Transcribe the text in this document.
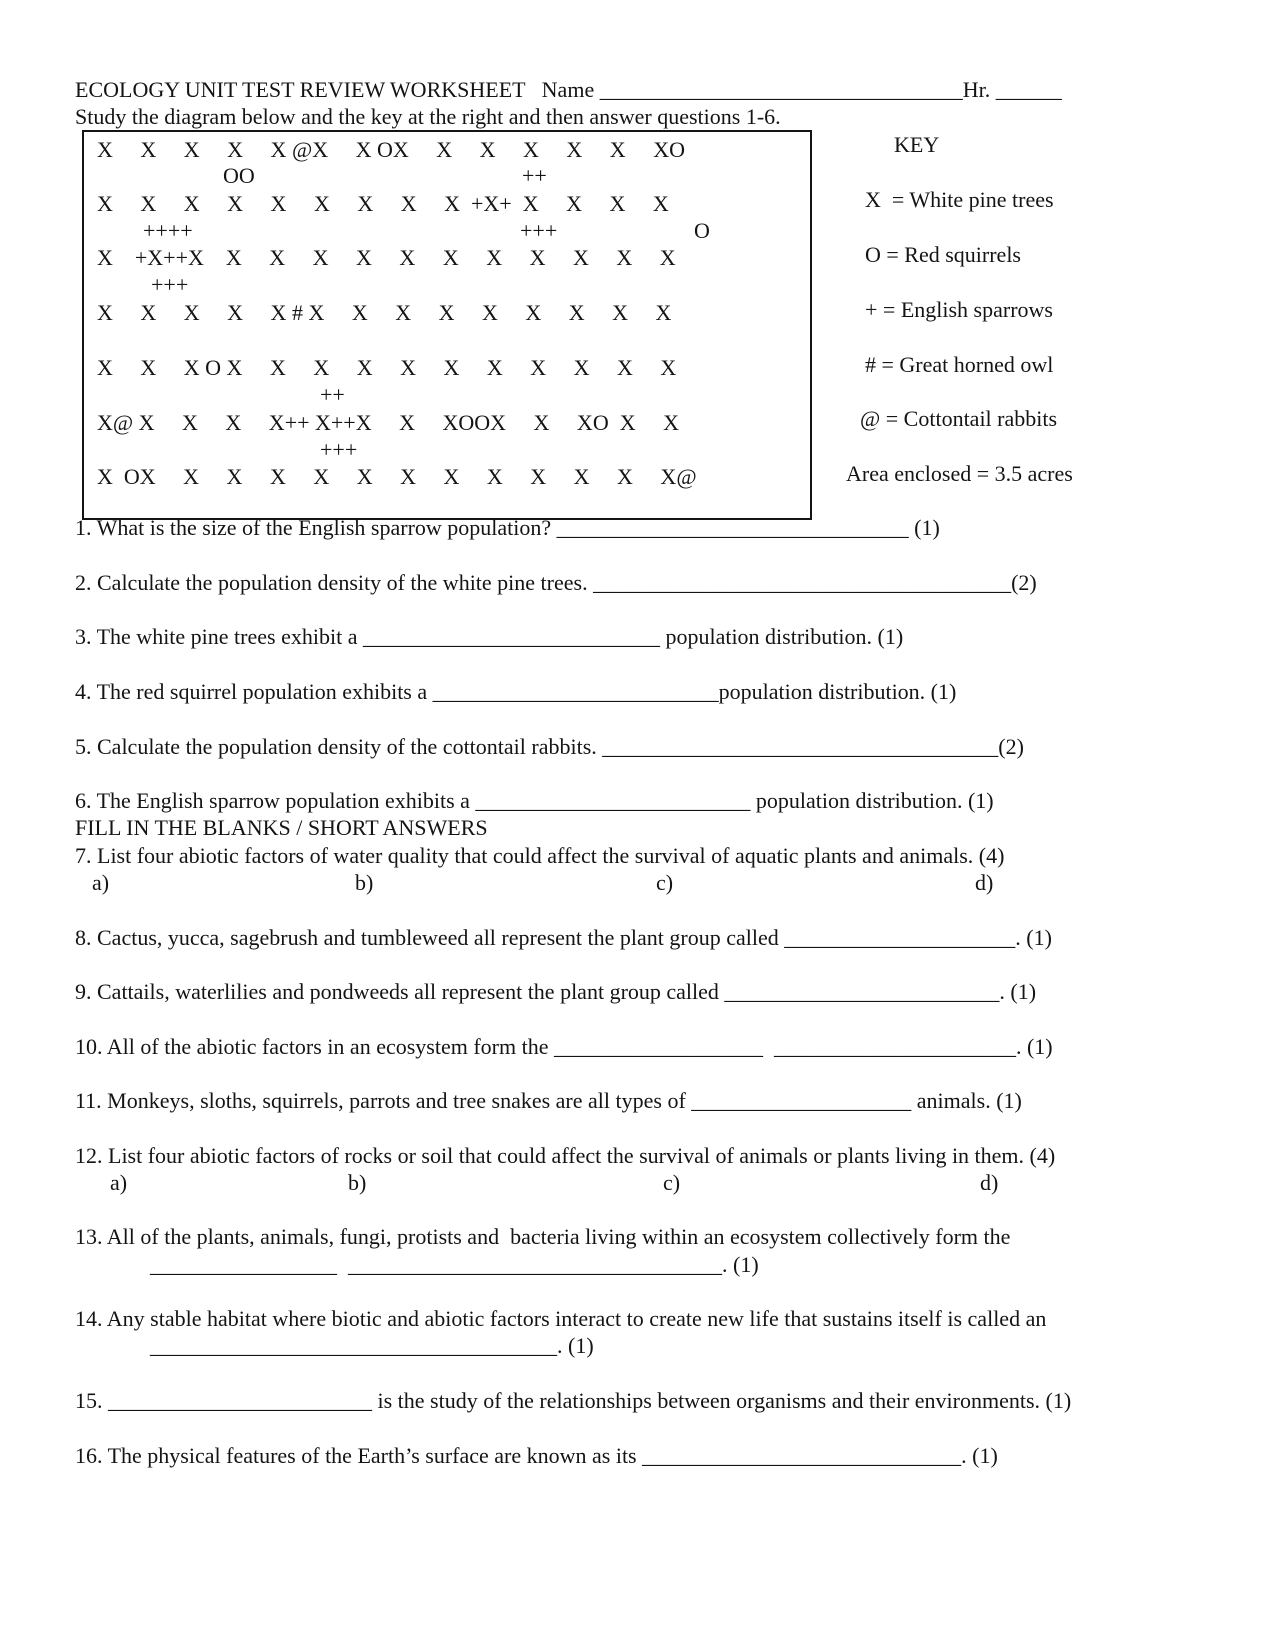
ECOLOGY UNIT TEST REVIEW WORKSHEET   Name _________________________________Hr. ______
Study the diagram below and the key at the right and then answer questions 1-6.
X     X     X     X     X @X     X OX     X     X     X     X     X     XO
OO	++
X     X     X     X     X     X     X     X     X  +X+  X     X     X     X
++++	+++	O
X    +X++X    X     X     X     X     X     X     X     X     X     X     X
+++
X     X     X     X     X # X     X     X     X     X     X     X     X     X
X     X     X O X     X     X     X     X     X     X     X     X     X     X
++
X@ X     X     X     X++ X++X     X     XOOX     X     XO  X     X
+++
X  OX     X     X     X     X     X     X     X     X     X     X     X     X@
KEY
X  = White pine trees
O = Red squirrels
+ = English sparrows
# = Great horned owl
@ = Cottontail rabbits
Area enclosed = 3.5 acres
1. What is the size of the English sparrow population? ________________________________ (1)
2. Calculate the population density of the white pine trees. ______________________________________(2)
3. The white pine trees exhibit a ___________________________ population distribution. (1)
4. The red squirrel population exhibits a __________________________population distribution. (1)
5. Calculate the population density of the cottontail rabbits. ____________________________________(2)
6. The English sparrow population exhibits a _________________________ population distribution. (1)
FILL IN THE BLANKS / SHORT ANSWERS
7. List four abiotic factors of water quality that could affect the survival of aquatic plants and animals. (4)
a)	b)	c)	d)
8. Cactus, yucca, sagebrush and tumbleweed all represent the plant group called _____________________. (1)
9. Cattails, waterlilies and pondweeds all represent the plant group called _________________________. (1)
10. All of the abiotic factors in an ecosystem form the ___________________  ______________________. (1)
11. Monkeys, sloths, squirrels, parrots and tree snakes are all types of ____________________ animals. (1)
12. List four abiotic factors of rocks or soil that could affect the survival of animals or plants living in them. (4)
a)	b)	c)	d)
13. All of the plants, animals, fungi, protists and  bacteria living within an ecosystem collectively form the
_________________  __________________________________. (1)
14. Any stable habitat where biotic and abiotic factors interact to create new life that sustains itself is called an
_____________________________________. (1)
15. ________________________ is the study of the relationships between organisms and their environments. (1)
16. The physical features of the Earth’s surface are known as its _____________________________. (1)
